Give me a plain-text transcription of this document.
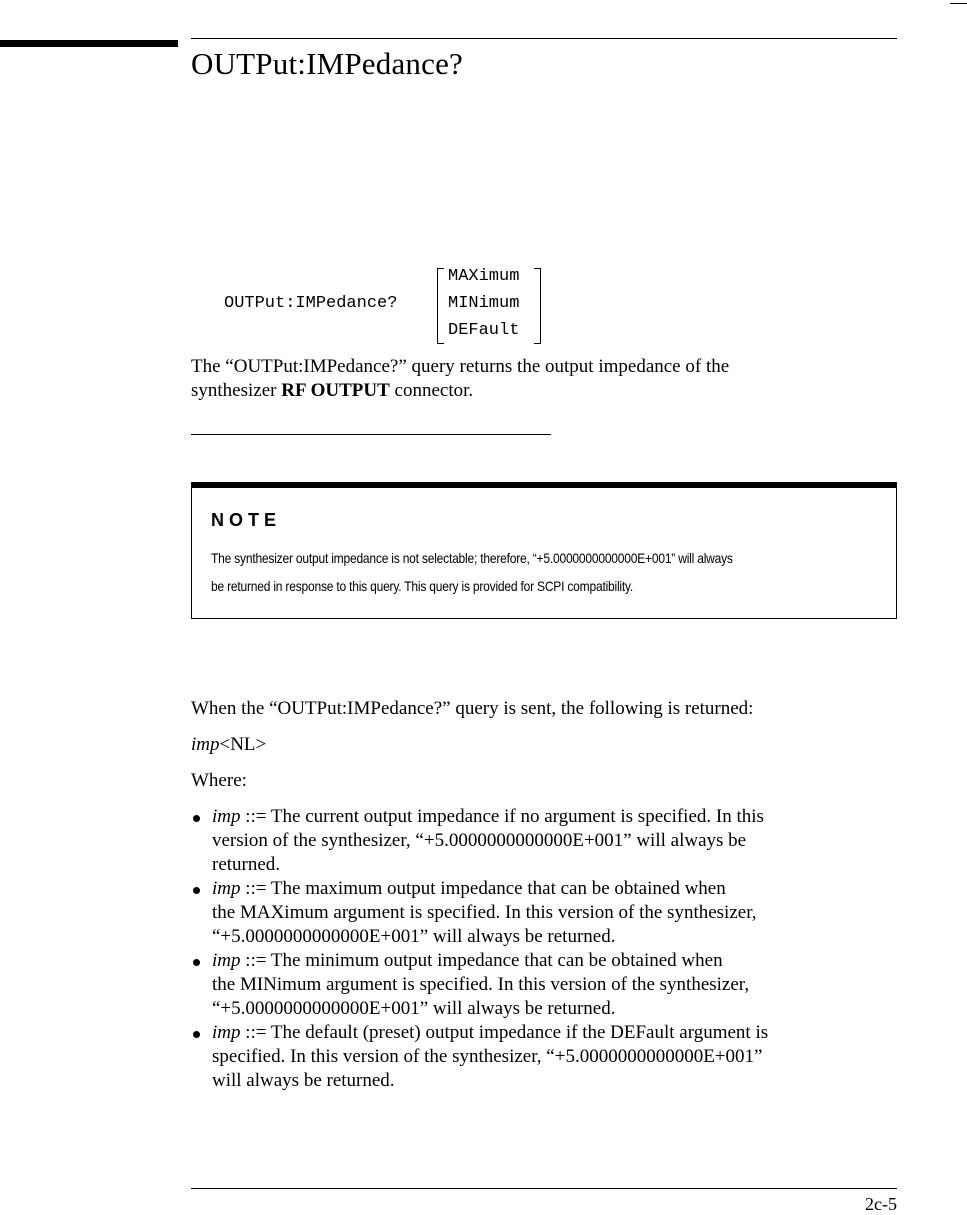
OUTPut:IMPedance?
OUTPut:IMPedance?
MAXimum
MINimum
DEFault
The “OUTPut:IMPedance?” query returns the output impedance of the
synthesizer RF OUTPUT connector.

NOTE

The synthesizer output impedance is not selectable; therefore, “+5.0000000000000E+001” will always
be returned in response to this query. This query is provided for SCPI compatibility.

When the “OUTPut:IMPedance?” query is sent, the following is returned:

imp<NL>

Where:

imp ::= The current output impedance if no argument is specified. In this
version of the synthesizer, “+5.0000000000000E+001” will always be
returned.
imp ::= The maximum output impedance that can be obtained when
the MAXimum argument is specified. In this version of the synthesizer,
“+5.0000000000000E+001” will always be returned.
imp ::= The minimum output impedance that can be obtained when
the MINimum argument is specified. In this version of the synthesizer,
“+5.0000000000000E+001” will always be returned.
imp ::= The default (preset) output impedance if the DEFault argument is
specified. In this version of the synthesizer, “+5.0000000000000E+001”
will always be returned.
2c-5
